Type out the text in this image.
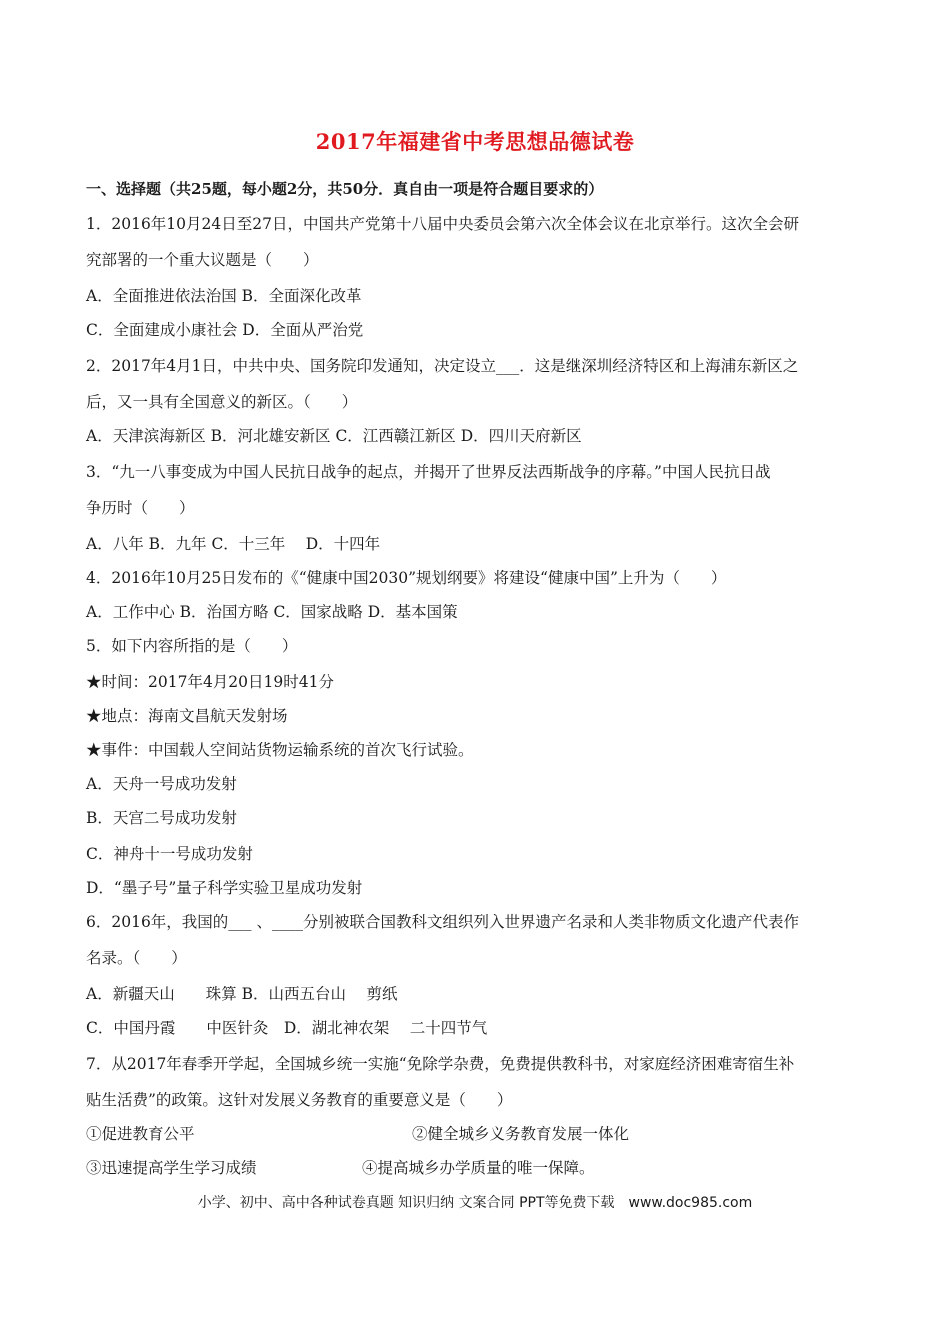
2017年福建省中考思想品德试卷
一、选择题（共25题，每小题2分，共50分．真自由一项是符合题目要求的）
1．2016年10月24日至27日，中国共产党第十八届中央委员会第六次全体会议在北京举行。这次全会研
究部署的一个重大议题是（　　）
A．全面推进依法治国 B．全面深化改革
C．全面建成小康社会 D．全面从严治党
2．2017年4月1日，中共中央、国务院印发通知，决定设立___．这是继深圳经济特区和上海浦东新区之
后，又一具有全国意义的新区。（　　）
A．天津滨海新区 B．河北雄安新区 C．江西赣江新区 D．四川天府新区
3．“九一八事变成为中国人民抗日战争的起点，并揭开了世界反法西斯战争的序幕。”中国人民抗日战
争历时（　　）
A．八年 B．九年 C．十三年　 D．十四年
4．2016年10月25日发布的《“健康中国2030”规划纲要》将建设“健康中国”上升为（　　）
A．工作中心 B．治国方略 C．国家战略 D．基本国策
5．如下内容所指的是（　　）
★时间：2017年4月20日19时41分
★地点：海南文昌航天发射场
★事件：中国载人空间站货物运输系统的首次飞行试验。
A．天舟一号成功发射
B．天宫二号成功发射
C．神舟十一号成功发射
D．“墨子号”量子科学实验卫星成功发射
6．2016年，我国的___ 、____分别被联合国教科文组织列入世界遗产名录和人类非物质文化遗产代表作
名录。（　　）
A．新疆天山　　珠算 B．山西五台山　 剪纸
C．中国丹霞　　中医针灸　D．湖北神农架　 二十四节气
7．从2017年春季开学起，全国城乡统一实施“免除学杂费，免费提供教科书，对家庭经济困难寄宿生补
贴生活费”的政策。这针对发展义务教育的重要意义是（　　）
①促进教育公平	②健全城乡义务教育发展一体化
③迅速提高学生学习成绩	④提高城乡办学质量的唯一保障。
小学、初中、高中各种试卷真题 知识归纳 文案合同 PPT等免费下载　www.doc985.com
